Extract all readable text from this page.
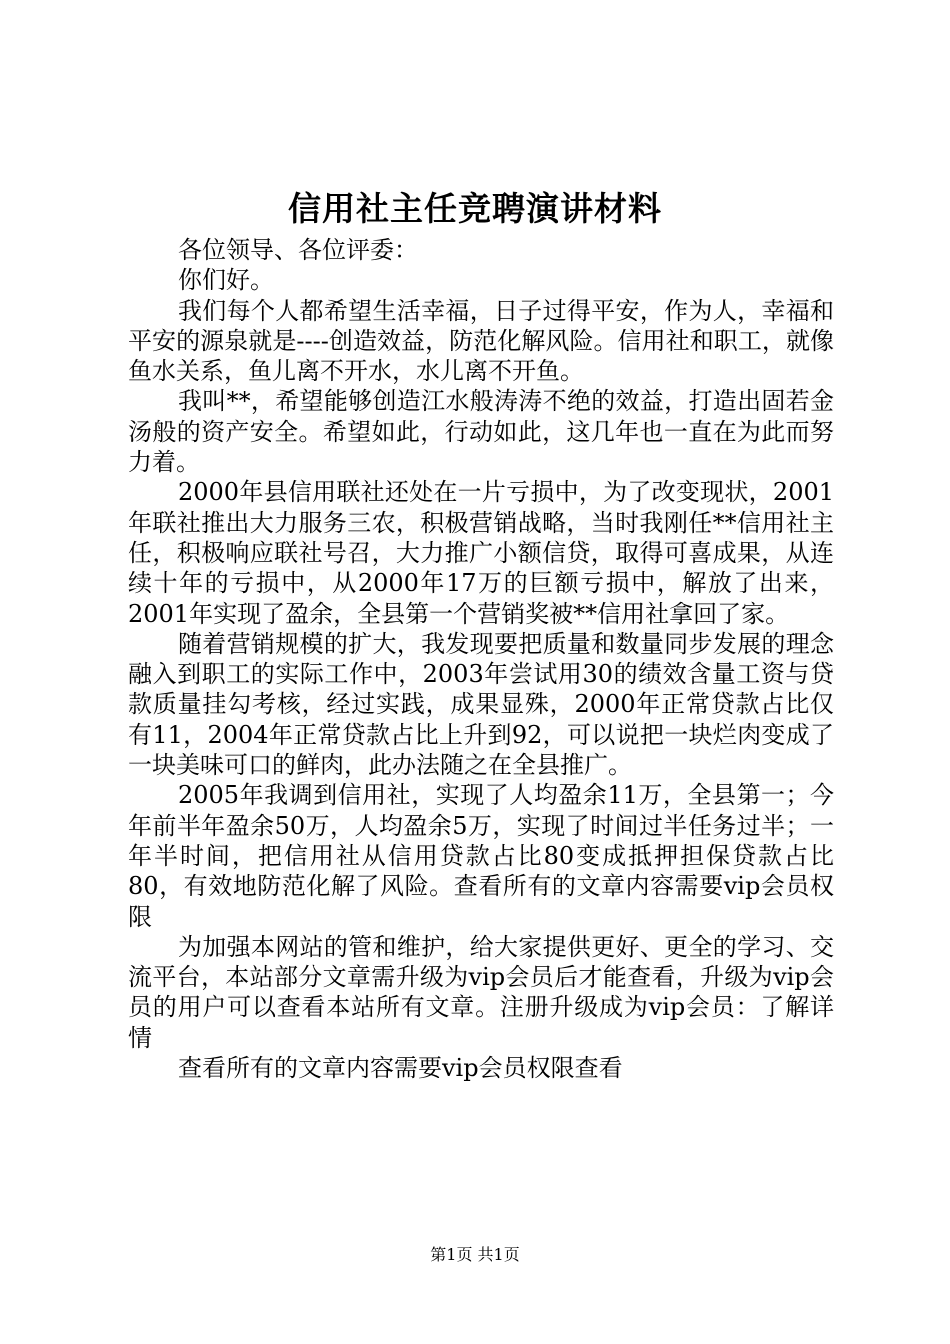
信用社主任竞聘演讲材料

各位领导、各位评委：

你们好。

我们每个人都希望生活幸福，日子过得平安，作为人，幸福和平安的源泉就是----创造效益，防范化解风险。信用社和职工，就像鱼水关系，鱼儿离不开水，水儿离不开鱼。

我叫**，希望能够创造江水般涛涛不绝的效益，打造出固若金汤般的资产安全。希望如此，行动如此，这几年也一直在为此而努力着。

2000年县信用联社还处在一片亏损中，为了改变现状，2001年联社推出大力服务三农，积极营销战略，当时我刚任**信用社主任，积极响应联社号召，大力推广小额信贷，取得可喜成果，从连续十年的亏损中，从2000年17万的巨额亏损中，解放了出来，2001年实现了盈余，全县第一个营销奖被**信用社拿回了家。

随着营销规模的扩大，我发现要把质量和数量同步发展的理念融入到职工的实际工作中，2003年尝试用30的绩效含量工资与贷款质量挂勾考核，经过实践，成果显殊，2000年正常贷款占比仅有11，2004年正常贷款占比上升到92，可以说把一块烂肉变成了一块美味可口的鲜肉，此办法随之在全县推广。

2005年我调到信用社，实现了人均盈余11万，全县第一；今年前半年盈余50万，人均盈余5万，实现了时间过半任务过半；一年半时间，把信用社从信用贷款占比80变成抵押担保贷款占比80，有效地防范化解了风险。查看所有的文章内容需要vip会员权限

为加强本网站的管和维护，给大家提供更好、更全的学习、交流平台，本站部分文章需升级为vip会员后才能查看，升级为vip会员的用户可以查看本站所有文章。注册升级成为vip会员：了解详情

查看所有的文章内容需要vip会员权限查看

第1页 共1页
